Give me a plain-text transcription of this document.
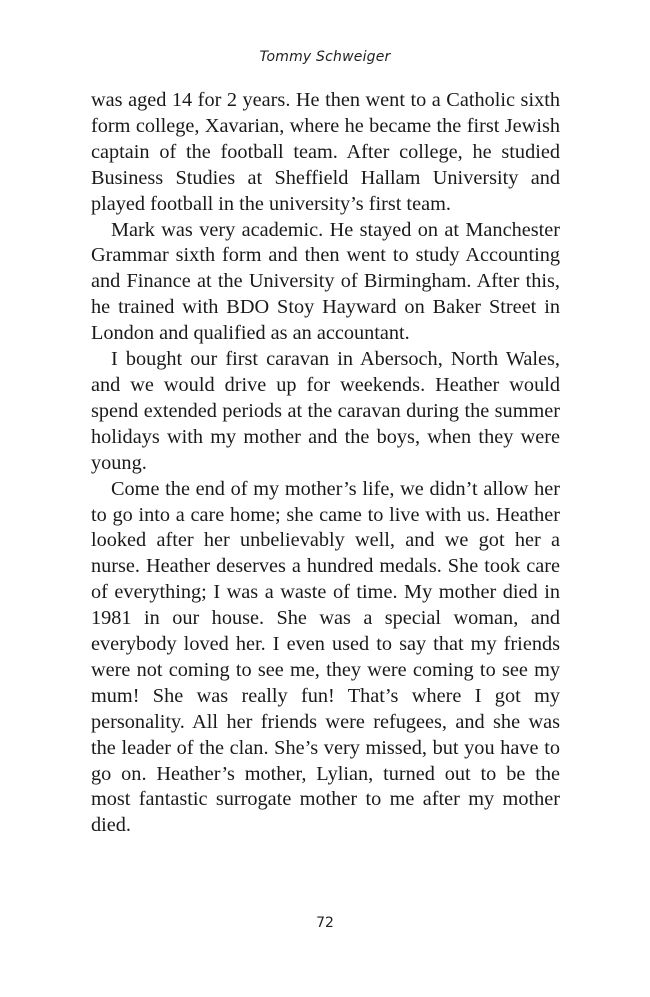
Tommy Schweiger

was aged 14 for 2 years. He then went to a Catholic sixth form college, Xavarian, where he became the first Jewish captain of the football team. After college, he studied Business Studies at Sheffield Hallam University and played football in the university’s first team.

Mark was very academic. He stayed on at Manchester Grammar sixth form and then went to study Accounting and Finance at the University of Birmingham. After this, he trained with BDO Stoy Hayward on Baker Street in London and qualified as an accountant.

I bought our first caravan in Abersoch, North Wales, and we would drive up for weekends. Heather would spend extended periods at the caravan during the summer holidays with my mother and the boys, when they were young.

Come the end of my mother’s life, we didn’t allow her to go into a care home; she came to live with us. Heather looked after her unbelievably well, and we got her a nurse. Heather deserves a hundred medals. She took care of everything; I was a waste of time. My mother died in 1981 in our house. She was a special woman, and everybody loved her. I even used to say that my friends were not coming to see me, they were coming to see my mum! She was really fun! That’s where I got my personality. All her friends were refugees, and she was the leader of the clan. She’s very missed, but you have to go on. Heather’s mother, Lylian, turned out to be the most fantastic surrogate mother to me after my mother died.

72
